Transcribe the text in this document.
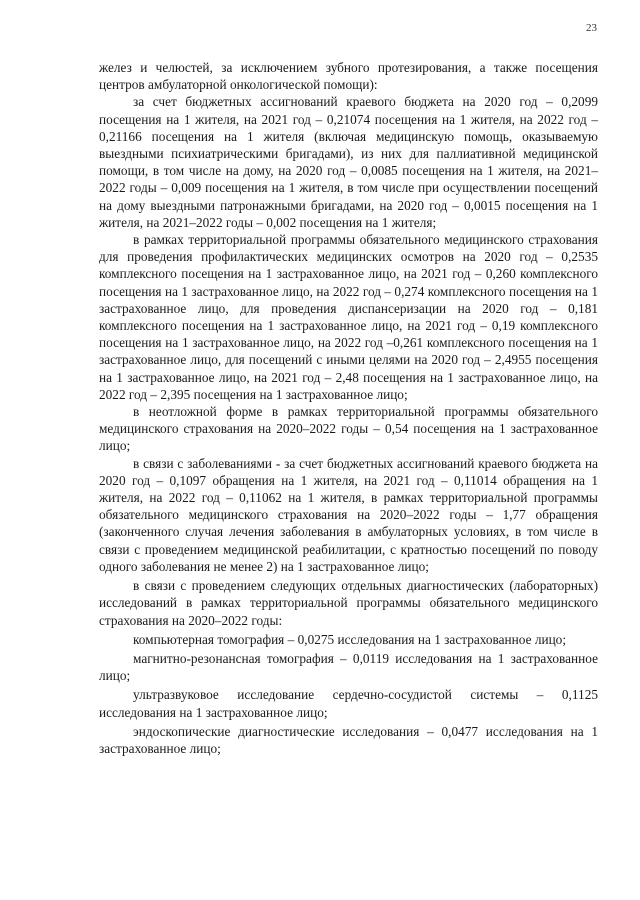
23

желез и челюстей, за исключением зубного протезирования, а также посещения центров амбулаторной онкологической помощи):

за счет бюджетных ассигнований краевого бюджета на 2020 год – 0,2099 посещения на 1 жителя, на 2021 год – 0,21074 посещения на 1 жителя, на 2022 год – 0,21166 посещения на 1 жителя (включая медицинскую помощь, оказываемую выездными психиатрическими бригадами), из них для паллиативной медицинской помощи, в том числе на дому, на 2020 год – 0,0085 посещения на 1 жителя, на 2021–2022 годы – 0,009 посещения на 1 жителя, в том числе при осуществлении посещений на дому выездными патронажными бригадами, на 2020 год – 0,0015 посещения на 1 жителя, на 2021–2022 годы – 0,002 посещения на 1 жителя;

в рамках территориальной программы обязательного медицинского страхования для проведения профилактических медицинских осмотров на 2020 год – 0,2535 комплексного посещения на 1 застрахованное лицо, на 2021 год – 0,260 комплексного посещения на 1 застрахованное лицо, на 2022 год – 0,274 комплексного посещения на 1 застрахованное лицо, для проведения диспансеризации на 2020 год – 0,181 комплексного посещения на 1 застрахованное лицо, на 2021 год – 0,19 комплексного посещения на 1 застрахованное лицо, на 2022 год –0,261 комплексного посещения на 1 застрахованное лицо, для посещений с иными целями на 2020 год – 2,4955 посещения на 1 застрахованное лицо, на 2021 год – 2,48 посещения на 1 застрахованное лицо, на 2022 год – 2,395 посещения на 1 застрахованное лицо;

в неотложной форме в рамках территориальной программы обязательного медицинского страхования на 2020–2022 годы – 0,54 посещения на 1 застрахованное лицо;

в связи с заболеваниями - за счет бюджетных ассигнований краевого бюджета на 2020 год – 0,1097 обращения на 1 жителя, на 2021 год – 0,11014 обращения на 1 жителя, на 2022 год – 0,11062 на 1 жителя, в рамках территориальной программы обязательного медицинского страхования на 2020–2022 годы – 1,77 обращения (законченного случая лечения заболевания в амбулаторных условиях, в том числе в связи с проведением медицинской реабилитации, с кратностью посещений по поводу одного заболевания не менее 2) на 1 застрахованное лицо;

в связи с проведением следующих отдельных диагностических (лабораторных) исследований в рамках территориальной программы обязательного медицинского страхования на 2020–2022 годы:

компьютерная томография – 0,0275 исследования на 1 застрахованное лицо;

магнитно-резонансная томография – 0,0119 исследования на 1 застрахованное лицо;

ультразвуковое исследование сердечно-сосудистой системы – 0,1125 исследования на 1 застрахованное лицо;

эндоскопические диагностические исследования – 0,0477 исследования на 1 застрахованное лицо;
